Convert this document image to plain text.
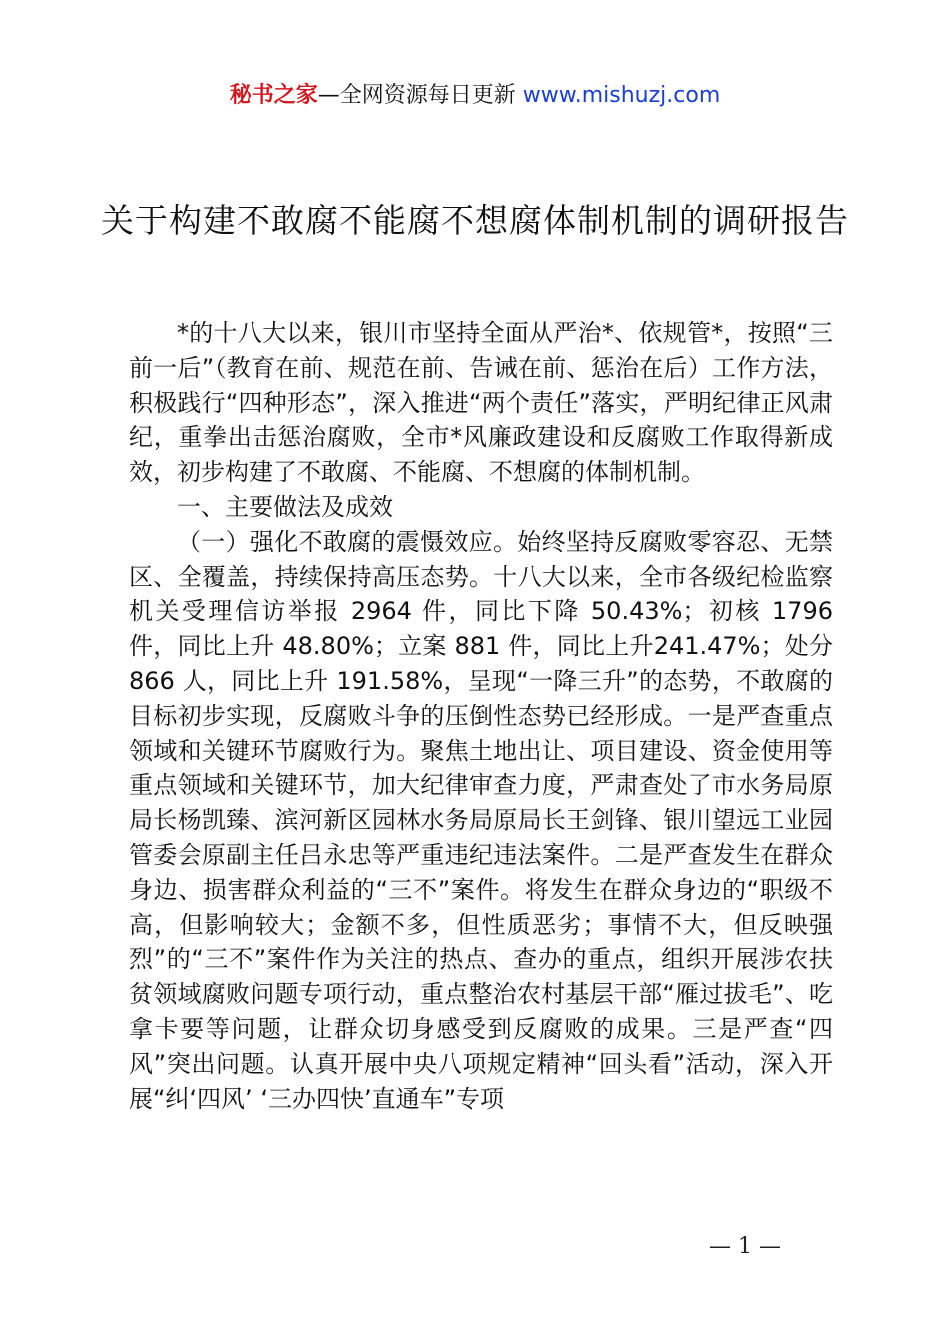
秘书之家—全网资源每日更新 www.mishuzj.com
关于构建不敢腐不能腐不想腐体制机制的调研报告

*的十八大以来，银川市坚持全面从严治*、依规管*，按照“三前一后”（教育在前、规范在前、告诫在前、惩治在后）工作方法，积极践行“四种形态”，深入推进“两个责任”落实，严明纪律正风肃纪，重拳出击惩治腐败，全市*风廉政建设和反腐败工作取得新成效，初步构建了不敢腐、不能腐、不想腐的体制机制。

一、主要做法及成效

（一）强化不敢腐的震慑效应。始终坚持反腐败零容忍、无禁区、全覆盖，持续保持高压态势。十八大以来，全市各级纪检监察机关受理信访举报 2964 件，同比下降 50.43%；初核 1796 件，同比上升 48.80%；立案 881 件，同比上升241.47%；处分 866 人，同比上升 191.58%，呈现“一降三升”的态势，不敢腐的目标初步实现，反腐败斗争的压倒性态势已经形成。一是严查重点领域和关键环节腐败行为。聚焦土地出让、项目建设、资金使用等重点领域和关键环节，加大纪律审查力度，严肃查处了市水务局原局长杨凯臻、滨河新区园林水务局原局长王剑锋、银川望远工业园管委会原副主任吕永忠等严重违纪违法案件。二是严查发生在群众身边、损害群众利益的“三不”案件。将发生在群众身边的“职级不高，但影响较大；金额不多，但性质恶劣；事情不大，但反映强烈”的“三不”案件作为关注的热点、查办的重点，组织开展涉农扶贫领域腐败问题专项行动，重点整治农村基层干部“雁过拔毛”、吃拿卡要等问题，让群众切身感受到反腐败的成果。三是严查“四风”突出问题。认真开展中央八项规定精神“回头看”活动，深入开展“纠‘四风’ ‘三办四快’直通车”专项

— 1 —
